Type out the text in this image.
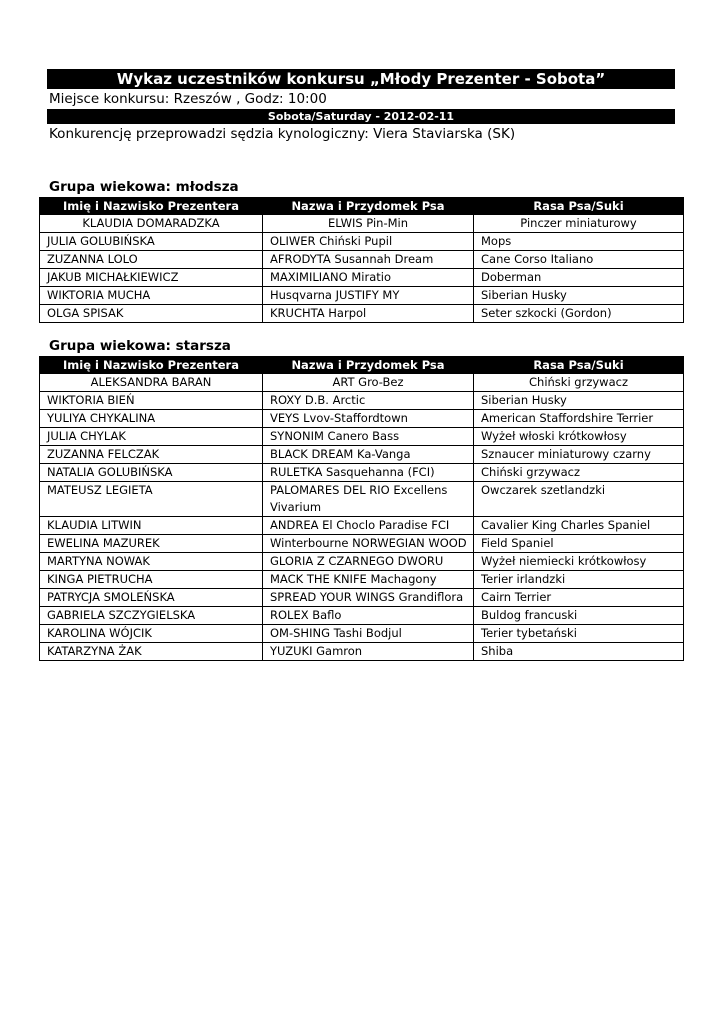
Wykaz uczestników konkursu „Młody Prezenter - Sobota”
Miejsce konkursu: Rzeszów , Godz: 10:00
Sobota/Saturday - 2012-02-11
Konkurencję przeprowadzi sędzia kynologiczny: Viera Staviarska (SK)
Grupa wiekowa: młodsza
Imię i Nazwisko Prezentera	Nazwa i Przydomek Psa	Rasa Psa/Suki
KLAUDIA DOMARADZKA	ELWIS Pin-Min	Pinczer miniaturowy
JULIA GOLUBIŃSKA	OLIWER Chiński Pupil	Mops
ZUZANNA LOLO	AFRODYTA Susannah Dream	Cane Corso Italiano
JAKUB MICHAŁKIEWICZ	MAXIMILIANO Miratio	Doberman
WIKTORIA MUCHA	Husqvarna JUSTIFY MY	Siberian Husky
OLGA SPISAK	KRUCHTA Harpol	Seter szkocki (Gordon)
Grupa wiekowa: starsza
Imię i Nazwisko Prezentera	Nazwa i Przydomek Psa	Rasa Psa/Suki
ALEKSANDRA BARAN	ART Gro-Bez	Chiński grzywacz
WIKTORIA BIEŃ	ROXY D.B. Arctic	Siberian Husky
YULIYA CHYKALINA	VEYS Lvov-Staffordtown	American Staffordshire Terrier
JULIA CHYLAK	SYNONIM Canero Bass	Wyżeł włoski krótkowłosy
ZUZANNA FELCZAK	BLACK DREAM Ka-Vanga	Sznaucer miniaturowy czarny
NATALIA GOLUBIŃSKA	RULETKA Sasquehanna (FCI)	Chiński grzywacz
MATEUSZ LEGIETA	PALOMARES DEL RIO Excellens Vivarium	Owczarek szetlandzki
KLAUDIA LITWIN	ANDREA El Choclo Paradise FCI	Cavalier King Charles Spaniel
EWELINA MAZUREK	Winterbourne NORWEGIAN WOOD	Field Spaniel
MARTYNA NOWAK	GLORIA Z CZARNEGO DWORU	Wyżeł niemiecki krótkowłosy
KINGA PIETRUCHA	MACK THE KNIFE Machagony	Terier irlandzki
PATRYCJA SMOLEŃSKA	SPREAD YOUR WINGS Grandiflora	Cairn Terrier
GABRIELA SZCZYGIELSKA	ROLEX Baflo	Buldog francuski
KAROLINA WÓJCIK	OM-SHING Tashi Bodjul	Terier tybetański
KATARZYNA ŻAK	YUZUKI Gamron	Shiba
